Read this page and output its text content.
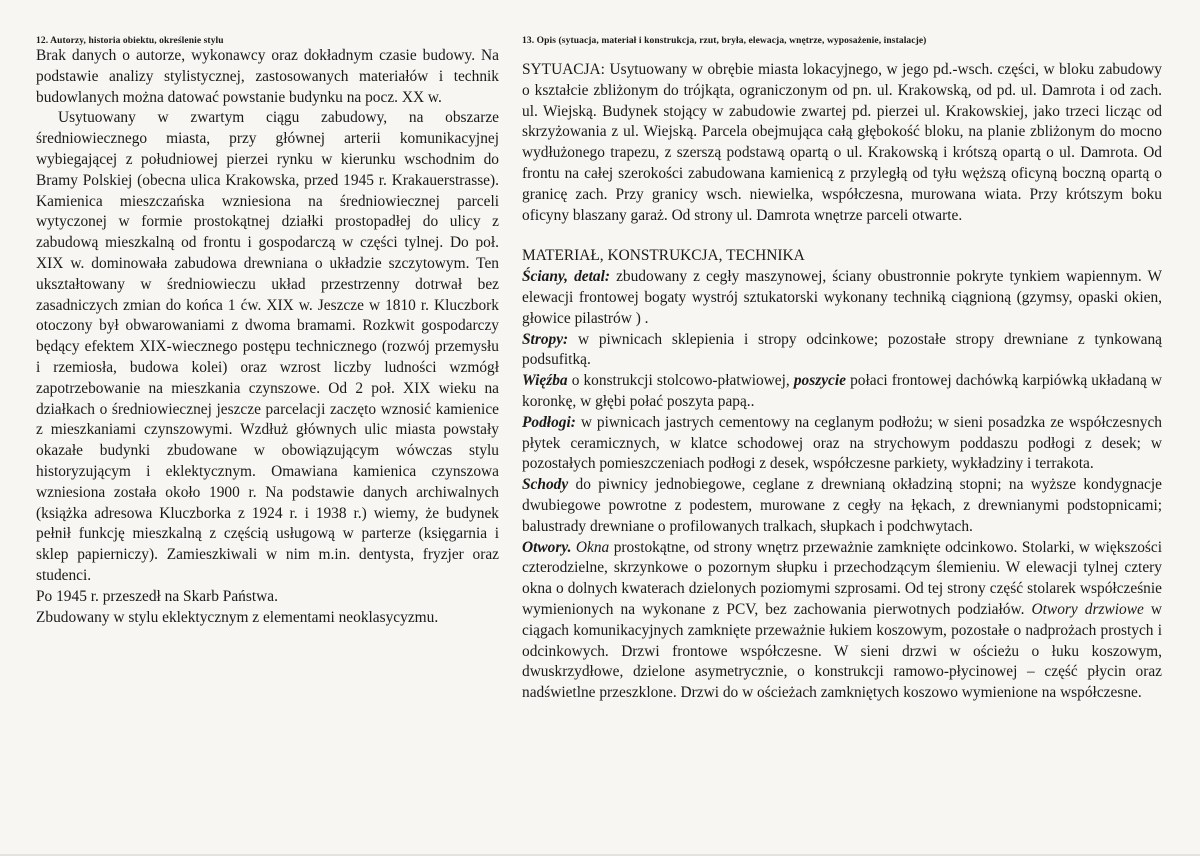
12. Autorzy, historia obiektu, określenie stylu

Brak danych o autorze, wykonawcy oraz dokładnym czasie budowy. Na podstawie analizy stylistycznej, zastosowanych materiałów i technik budowlanych można datować powstanie budynku na pocz. XX w.

Usytuowany w zwartym ciągu zabudowy, na obszarze średniowiecznego miasta, przy głównej arterii komunikacyjnej wybiegającej z południowej pierzei rynku w kierunku wschodnim do Bramy Polskiej (obecna ulica Krakowska, przed 1945 r. Krakauerstrasse). Kamienica mieszczańska wzniesiona na średniowiecznej parceli wytyczonej w formie prostokątnej działki prostopadłej do ulicy z zabudową mieszkalną od frontu i gospodarczą w części tylnej. Do poł. XIX w. dominowała zabudowa drewniana o układzie szczytowym. Ten ukształtowany w średniowieczu układ przestrzenny dotrwał bez zasadniczych zmian do końca 1 ćw. XIX w. Jeszcze w 1810 r. Kluczbork otoczony był obwarowaniami z dwoma bramami. Rozkwit gospodarczy będący efektem XIX-wiecznego postępu technicznego (rozwój przemysłu i rzemiosła, budowa kolei) oraz wzrost liczby ludności wzmógł zapotrzebowanie na mieszkania czynszowe. Od 2 poł. XIX wieku na działkach o średniowiecznej jeszcze parcelacji zaczęto wznosić kamienice z mieszkaniami czynszowymi. Wzdłuż głównych ulic miasta powstały okazałe budynki zbudowane w obowiązującym wówczas stylu historyzującym i eklektycznym. Omawiana kamienica czynszowa wzniesiona została około 1900 r. Na podstawie danych archiwalnych (książka adresowa Kluczborka z 1924 r. i 1938 r.) wiemy, że budynek pełnił funkcję mieszkalną z częścią usługową w parterze (księgarnia i sklep papierniczy). Zamieszkiwali w nim m.in. dentysta, fryzjer oraz studenci.

Po 1945 r. przeszedł na Skarb Państwa.

Zbudowany w stylu eklektycznym z elementami neoklasycyzmu.

13. Opis (sytuacja, materiał i konstrukcja, rzut, bryła, elewacja, wnętrze, wyposażenie, instalacje)

SYTUACJA: Usytuowany w obrębie miasta lokacyjnego, w jego pd.-wsch. części, w bloku zabudowy o kształcie zbliżonym do trójkąta, ograniczonym od pn. ul. Krakowską, od pd. ul. Damrota i od zach. ul. Wiejską. Budynek stojący w zabudowie zwartej pd. pierzei ul. Krakowskiej, jako trzeci licząc od skrzyżowania z ul. Wiejską. Parcela obejmująca całą głębokość bloku, na planie zbliżonym do mocno wydłużonego trapezu, z szerszą podstawą opartą o ul. Krakowską i krótszą opartą o ul. Damrota. Od frontu na całej szerokości zabudowana kamienicą z przyległą od tyłu węższą oficyną boczną opartą o granicę zach. Przy granicy wsch. niewielka, współczesna, murowana wiata. Przy krótszym boku oficyny blaszany garaż. Od strony ul. Damrota wnętrze parceli otwarte.

MATERIAŁ, KONSTRUKCJA, TECHNIKA

Ściany, detal: zbudowany z cegły maszynowej, ściany obustronnie pokryte tynkiem wapiennym. W elewacji frontowej bogaty wystrój sztukatorski wykonany techniką ciągnioną (gzymsy, opaski okien, głowice pilastrów ) .

Stropy: w piwnicach sklepienia i stropy odcinkowe; pozostałe stropy drewniane z tynkowaną podsufitką.

Więźba o konstrukcji stolcowo-płatwiowej, poszycie połaci frontowej dachówką karpiówką układaną w koronkę, w głębi połać poszyta papą..

Podłogi: w piwnicach jastrych cementowy na ceglanym podłożu; w sieni posadzka ze współczesnych płytek ceramicznych, w klatce schodowej oraz na strychowym poddaszu podłogi z desek; w pozostałych pomieszczeniach podłogi z desek, współczesne parkiety, wykładziny i terrakota.

Schody do piwnicy jednobiegowe, ceglane z drewnianą okładziną stopni; na wyższe kondygnacje dwubiegowe powrotne z podestem, murowane z cegły na łękach, z drewnianymi podstopnicami; balustrady drewniane o profilowanych tralkach, słupkach i podchwytach.

Otwory. Okna prostokątne, od strony wnętrz przeważnie zamknięte odcinkowo. Stolarki, w większości czterodzielne, skrzynkowe o pozornym słupku i przechodzącym ślemieniu. W elewacji tylnej cztery okna o dolnych kwaterach dzielonych poziomymi szprosami. Od tej strony część stolarek współcześnie wymienionych na wykonane z PCV, bez zachowania pierwotnych podziałów. Otwory drzwiowe w ciągach komunikacyjnych zamknięte przeważnie łukiem koszowym, pozostałe o nadprożach prostych i odcinkowych. Drzwi frontowe współczesne. W sieni drzwi w ościeżu o łuku koszowym, dwuskrzydłowe, dzielone asymetrycznie, o konstrukcji ramowo-płycinowej – część płycin oraz nadświetlne przeszklone. Drzwi do w ościeżach zamkniętych koszowo wymienione na współczesne.
